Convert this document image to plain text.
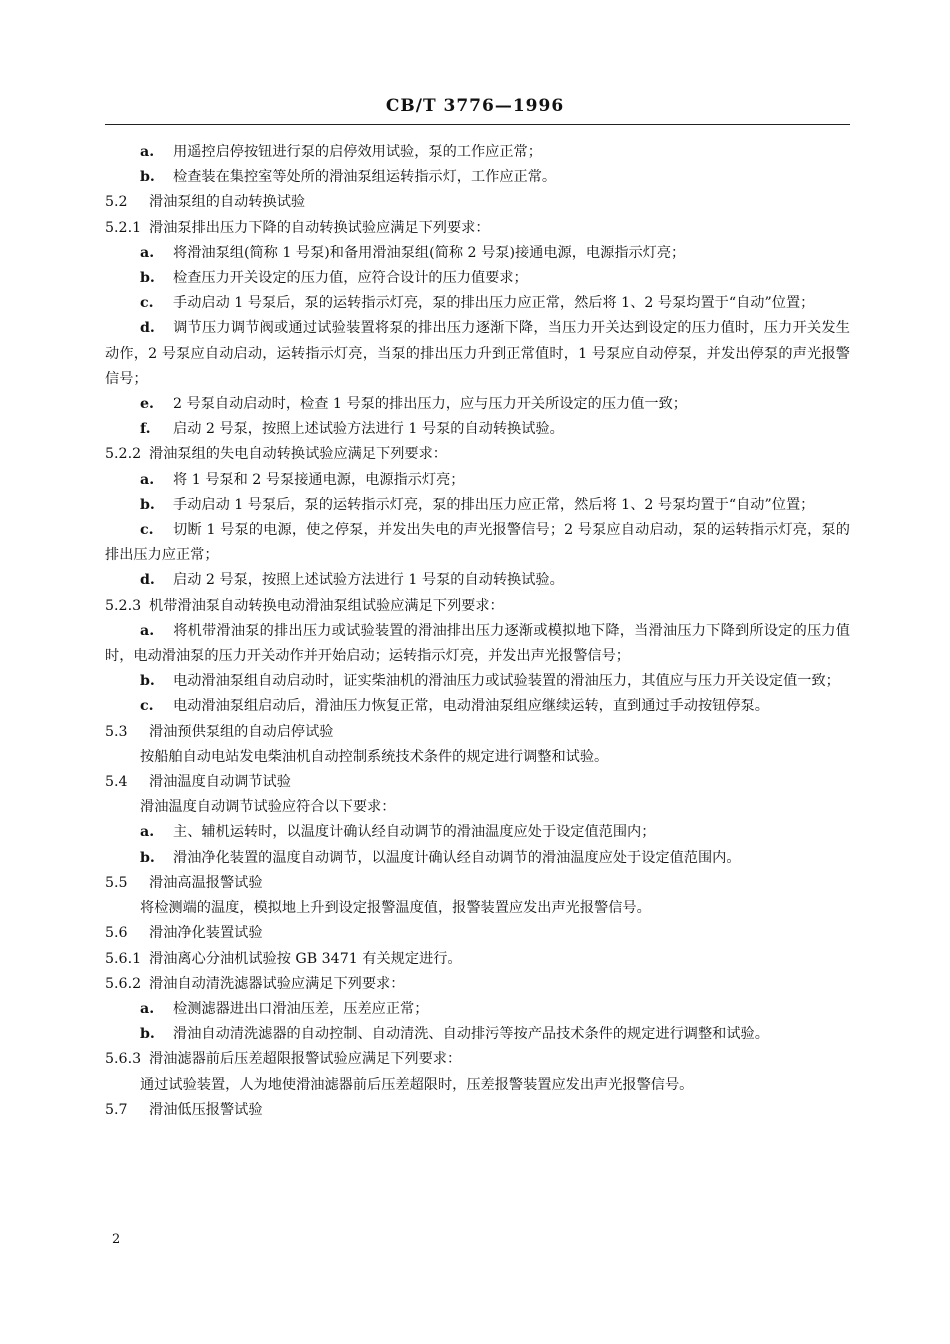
CB/T 3776—1996
a. 用遥控启停按钮进行泵的启停效用试验，泵的工作应正常；
b. 检查装在集控室等处所的滑油泵组运转指示灯，工作应正常。
5.2 滑油泵组的自动转换试验
5.2.1 滑油泵排出压力下降的自动转换试验应满足下列要求：
a. 将滑油泵组(简称 1 号泵)和备用滑油泵组(简称 2 号泵)接通电源，电源指示灯亮；
b. 检查压力开关设定的压力值，应符合设计的压力值要求；
c. 手动启动 1 号泵后，泵的运转指示灯亮，泵的排出压力应正常，然后将 1、2 号泵均置于“自动”位置；
d. 调节压力调节阀或通过试验装置将泵的排出压力逐渐下降，当压力开关达到设定的压力值时，压力开关发生动作，2 号泵应自动启动，运转指示灯亮，当泵的排出压力升到正常值时，1 号泵应自动停泵，并发出停泵的声光报警信号；
e. 2 号泵自动启动时，检查 1 号泵的排出压力，应与压力开关所设定的压力值一致；
f. 启动 2 号泵，按照上述试验方法进行 1 号泵的自动转换试验。
5.2.2 滑油泵组的失电自动转换试验应满足下列要求：
a. 将 1 号泵和 2 号泵接通电源，电源指示灯亮；
b. 手动启动 1 号泵后，泵的运转指示灯亮，泵的排出压力应正常，然后将 1、2 号泵均置于“自动”位置；
c. 切断 1 号泵的电源，使之停泵，并发出失电的声光报警信号；2 号泵应自动启动，泵的运转指示灯亮，泵的排出压力应正常；
d. 启动 2 号泵，按照上述试验方法进行 1 号泵的自动转换试验。
5.2.3 机带滑油泵自动转换电动滑油泵组试验应满足下列要求：
a. 将机带滑油泵的排出压力或试验装置的滑油排出压力逐渐或模拟地下降，当滑油压力下降到所设定的压力值时，电动滑油泵的压力开关动作并开始启动；运转指示灯亮，并发出声光报警信号；
b. 电动滑油泵组自动启动时，证实柴油机的滑油压力或试验装置的滑油压力，其值应与压力开关设定值一致；
c. 电动滑油泵组启动后，滑油压力恢复正常，电动滑油泵组应继续运转，直到通过手动按钮停泵。
5.3 滑油预供泵组的自动启停试验
按船舶自动电站发电柴油机自动控制系统技术条件的规定进行调整和试验。
5.4 滑油温度自动调节试验
滑油温度自动调节试验应符合以下要求：
a. 主、辅机运转时，以温度计确认经自动调节的滑油温度应处于设定值范围内；
b. 滑油净化装置的温度自动调节，以温度计确认经自动调节的滑油温度应处于设定值范围内。
5.5 滑油高温报警试验
将检测端的温度，模拟地上升到设定报警温度值，报警装置应发出声光报警信号。
5.6 滑油净化装置试验
5.6.1 滑油离心分油机试验按 GB 3471 有关规定进行。
5.6.2 滑油自动清洗滤器试验应满足下列要求：
a. 检测滤器进出口滑油压差，压差应正常；
b. 滑油自动清洗滤器的自动控制、自动清洗、自动排污等按产品技术条件的规定进行调整和试验。
5.6.3 滑油滤器前后压差超限报警试验应满足下列要求：
通过试验装置，人为地使滑油滤器前后压差超限时，压差报警装置应发出声光报警信号。
5.7 滑油低压报警试验
2
